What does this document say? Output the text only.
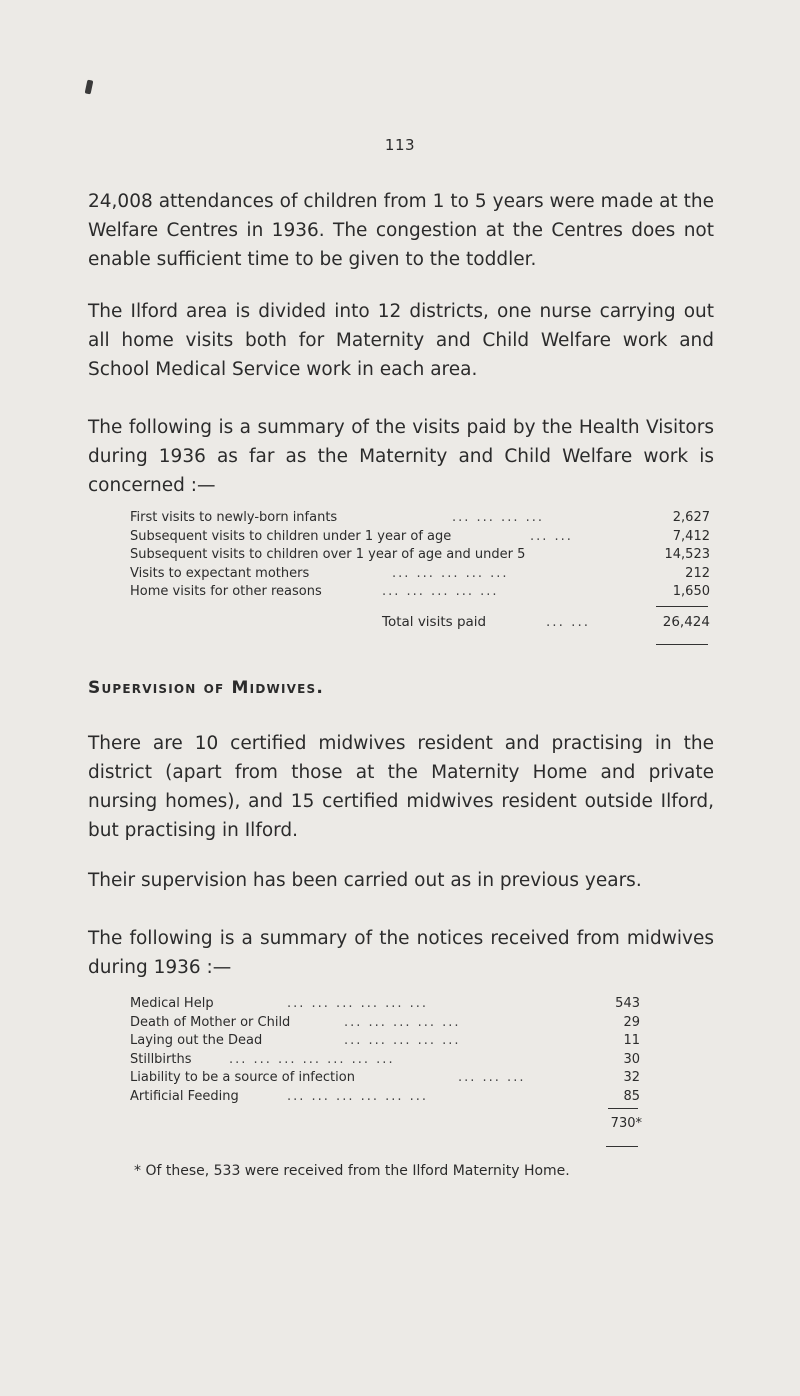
113

24,008 attendances of children from 1 to 5 years were made at the Welfare Centres in 1936. The congestion at the Centres does not enable sufficient time to be given to the toddler.

The Ilford area is divided into 12 districts, one nurse carrying out all home visits both for Maternity and Child Welfare work and School Medical Service work in each area.

The following is a summary of the visits paid by the Health Visitors during 1936 as far as the Maternity and Child Welfare work is concerned :—

First visits to newly-born infants	... ... ... ...	2,627
Subsequent visits to children under 1 year of age	... ...	7,412
Subsequent visits to children over 1 year of age and under 5	14,523
Visits to expectant mothers	... ... ... ... ...	212
Home visits for other reasons	... ... ... ... ...	1,650
Total visits paid	... ...	26,424
Supervision of Midwives.

There are 10 certified midwives resident and practising in the district (apart from those at the Maternity Home and private nursing homes), and 15 certified midwives resident outside Ilford, but practising in Ilford.

Their supervision has been carried out as in previous years.

The following is a summary of the notices received from midwives during 1936 :—

Medical Help	... ... ... ... ... ...	543
Death of Mother or Child	... ... ... ... ...	29
Laying out the Dead	... ... ... ... ...	11
Stillbirths	... ... ... ... ... ... ...	30
Liability to be a source of infection	... ... ...	32
Artificial Feeding	... ... ... ... ... ...	85
730*

* Of these, 533 were received from the Ilford Maternity Home.
